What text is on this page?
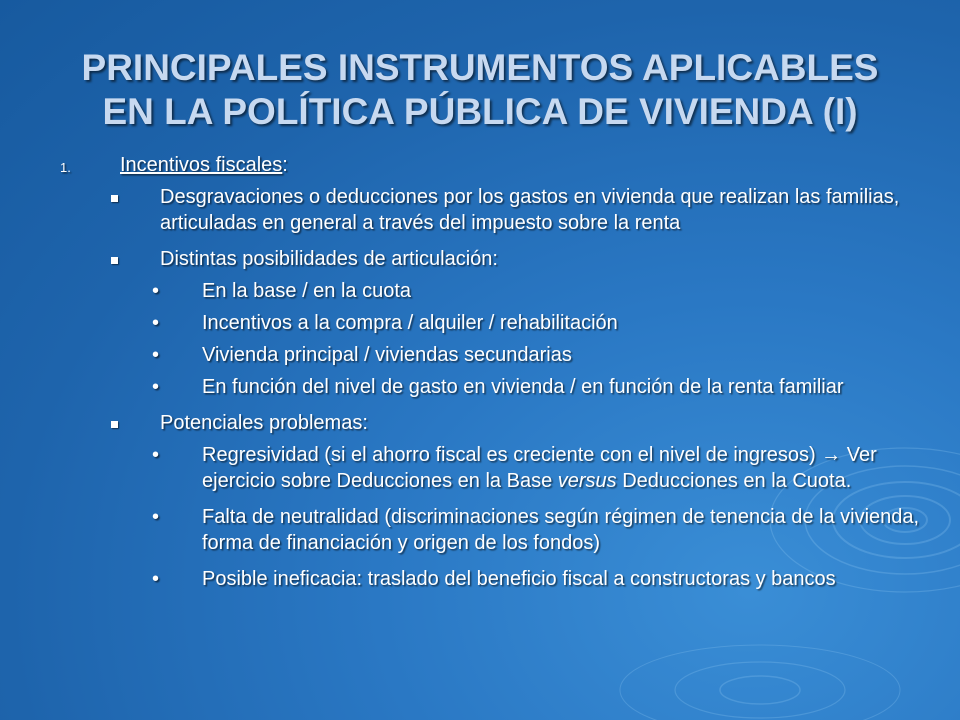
PRINCIPALES INSTRUMENTOS APLICABLES
EN LA POLÍTICA PÚBLICA DE VIVIENDA (I)
1. Incentivos fiscales:
Desgravaciones o deducciones por los gastos en vivienda que realizan las familias, articuladas en general a través del impuesto sobre la renta
Distintas posibilidades de articulación:
• En la base / en la cuota
• Incentivos a la compra / alquiler / rehabilitación
• Vivienda principal / viviendas secundarias
• En función del nivel de gasto en vivienda / en función de la renta familiar
Potenciales problemas:
• Regresividad (si el ahorro fiscal es creciente con el nivel de ingresos) → Ver ejercicio sobre Deducciones en la Base versus Deducciones en la Cuota.
• Falta de neutralidad (discriminaciones según régimen de tenencia de la vivienda, forma de financiación y origen de los fondos)
• Posible ineficacia: traslado del beneficio fiscal a constructoras y bancos
